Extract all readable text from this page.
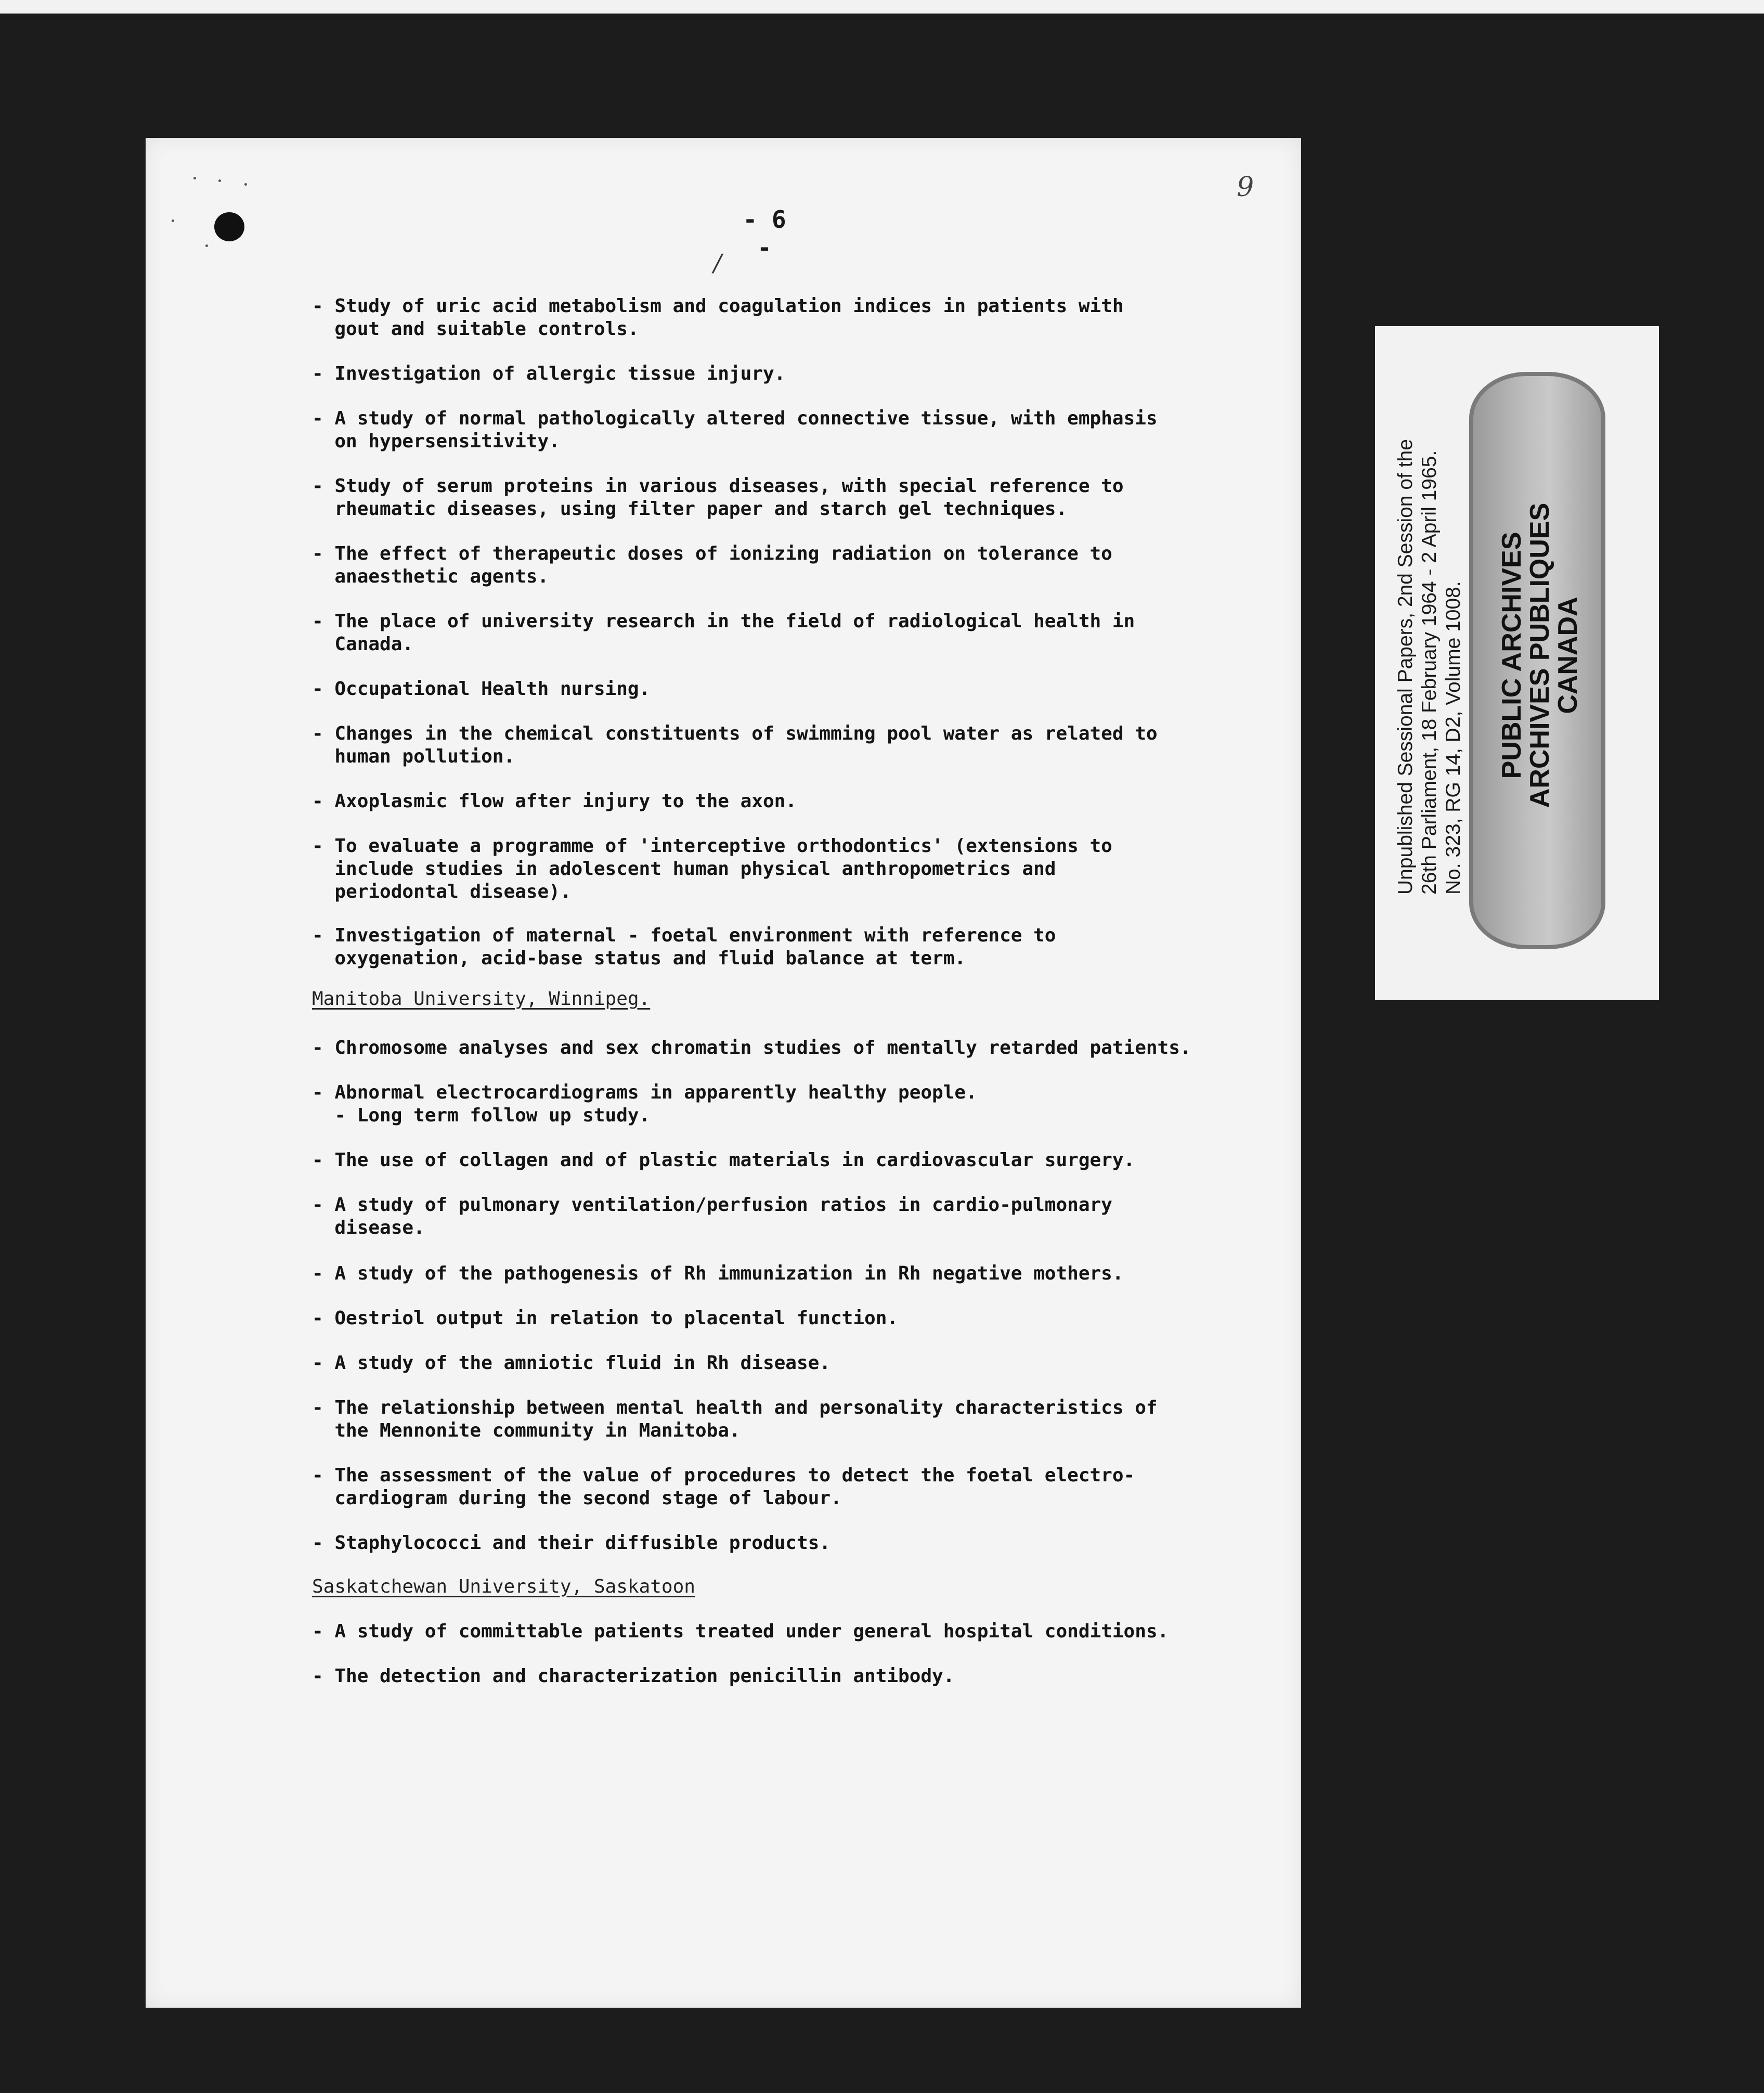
- 6 -
9
/
- Study of uric acid metabolism and coagulation indices in patients with
gout and suitable controls.
- Investigation of allergic tissue injury.
- A study of normal pathologically altered connective tissue, with emphasis
on hypersensitivity.
- Study of serum proteins in various diseases, with special reference to
rheumatic diseases, using filter paper and starch gel techniques.
- The effect of therapeutic doses of ionizing radiation on tolerance to
anaesthetic agents.
- The place of university research in the field of radiological health in
Canada.
- Occupational Health nursing.
- Changes in the chemical constituents of swimming pool water as related to
human pollution.
- Axoplasmic flow after injury to the axon.
- To evaluate a programme of 'interceptive orthodontics' (extensions to
include studies in adolescent human physical anthropometrics and
periodontal disease).
- Investigation of maternal - foetal environment with reference to
oxygenation, acid-base status and fluid balance at term.
Manitoba University, Winnipeg.
- Chromosome analyses and sex chromatin studies of mentally retarded patients.
- Abnormal electrocardiograms in apparently healthy people.
- Long term follow up study.
- The use of collagen and of plastic materials in cardiovascular surgery.
- A study of pulmonary ventilation/perfusion ratios in cardio-pulmonary
disease.
- A study of the pathogenesis of Rh immunization in Rh negative mothers.
- Oestriol output in relation to placental function.
- A study of the amniotic fluid in Rh disease.
- The relationship between mental health and personality characteristics of
the Mennonite community in Manitoba.
- The assessment of the value of procedures to detect the foetal electro-
cardiogram during the second stage of labour.
- Staphylococci and their diffusible products.
Saskatchewan University, Saskatoon
- A study of committable patients treated under general hospital conditions.
- The detection and characterization penicillin antibody.
Unpublished Sessional Papers, 2nd Session of the 26th Parliament, 18 February 1964 - 2 April 1965. No. 323, RG 14, D2, Volume 1008. PUBLIC ARCHIVES
ARCHIVES PUBLIQUES
CANADA
